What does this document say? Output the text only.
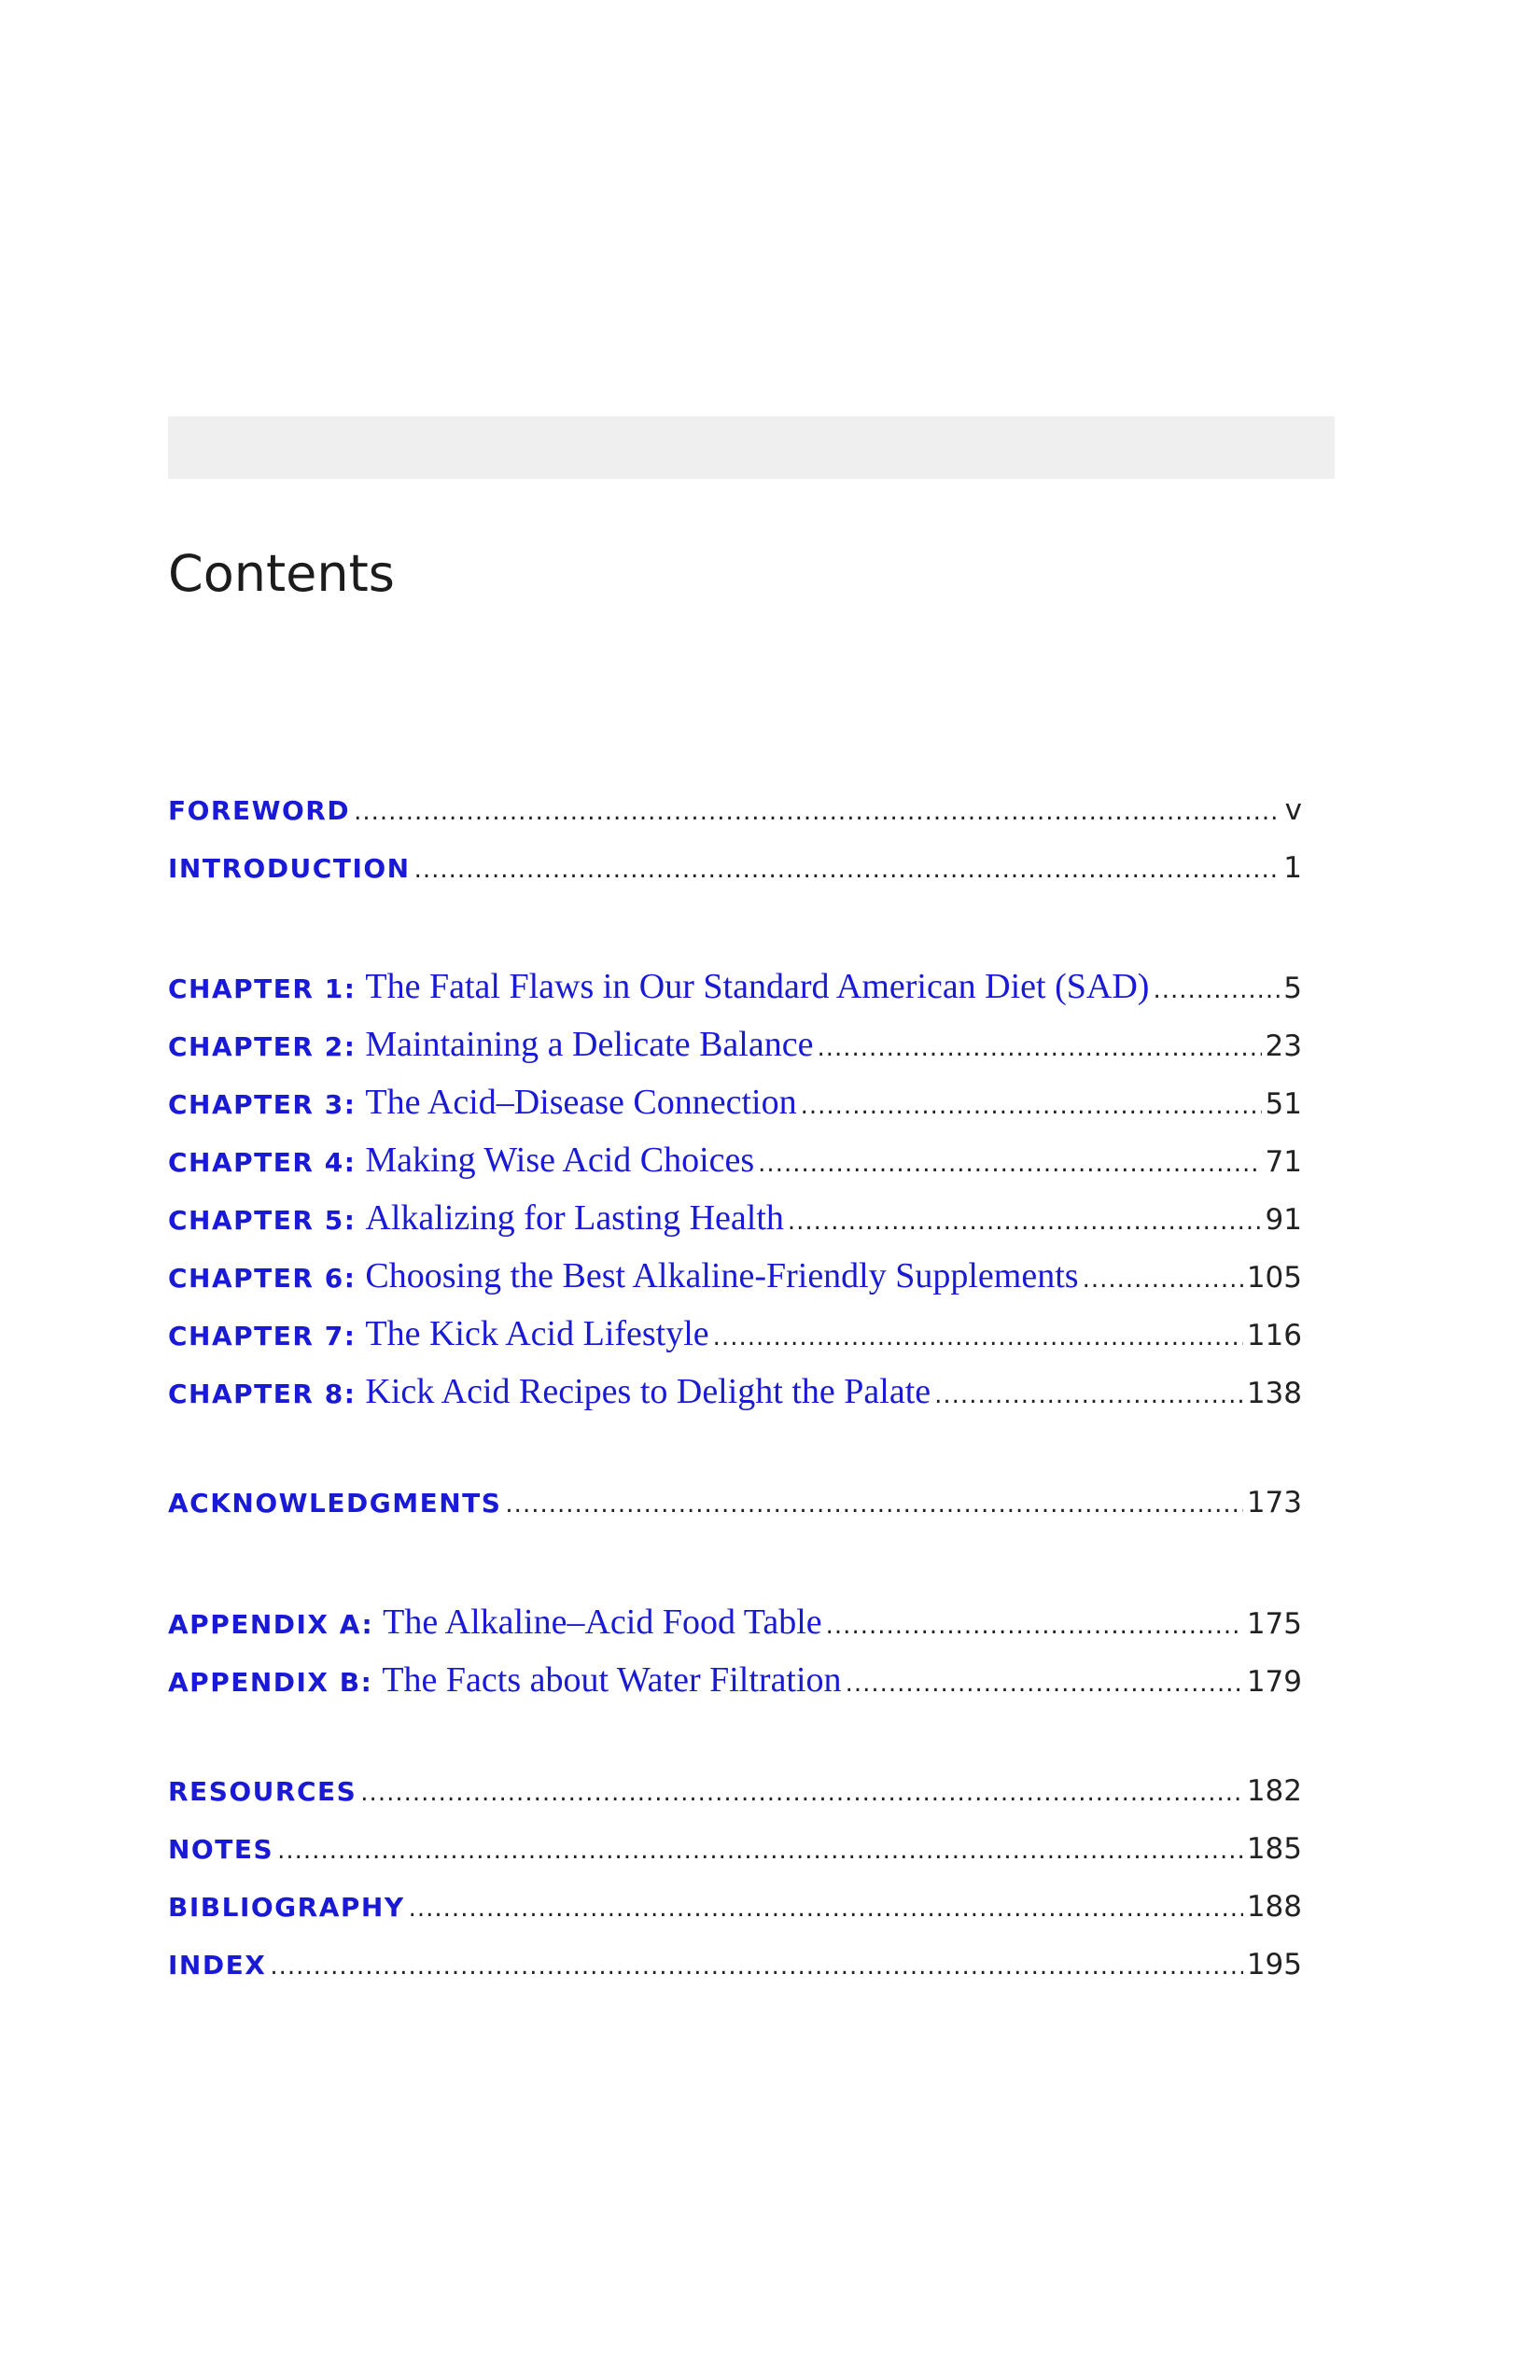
Contents
FOREWORD .....	v
INTRODUCTION .....	1
CHAPTER 1: The Fatal Flaws in Our Standard American Diet (SAD) .....	5
CHAPTER 2: Maintaining a Delicate Balance .....	23
CHAPTER 3: The Acid–Disease Connection .....	51
CHAPTER 4: Making Wise Acid Choices .....	71
CHAPTER 5: Alkalizing for Lasting Health .....	91
CHAPTER 6: Choosing the Best Alkaline-Friendly Supplements .....	105
CHAPTER 7: The Kick Acid Lifestyle .....	116
CHAPTER 8: Kick Acid Recipes to Delight the Palate .....	138
ACKNOWLEDGMENTS .....	173
APPENDIX A: The Alkaline–Acid Food Table .....	175
APPENDIX B: The Facts about Water Filtration .....	179
RESOURCES .....	182
NOTES .....	185
BIBLIOGRAPHY .....	188
INDEX .....	195
